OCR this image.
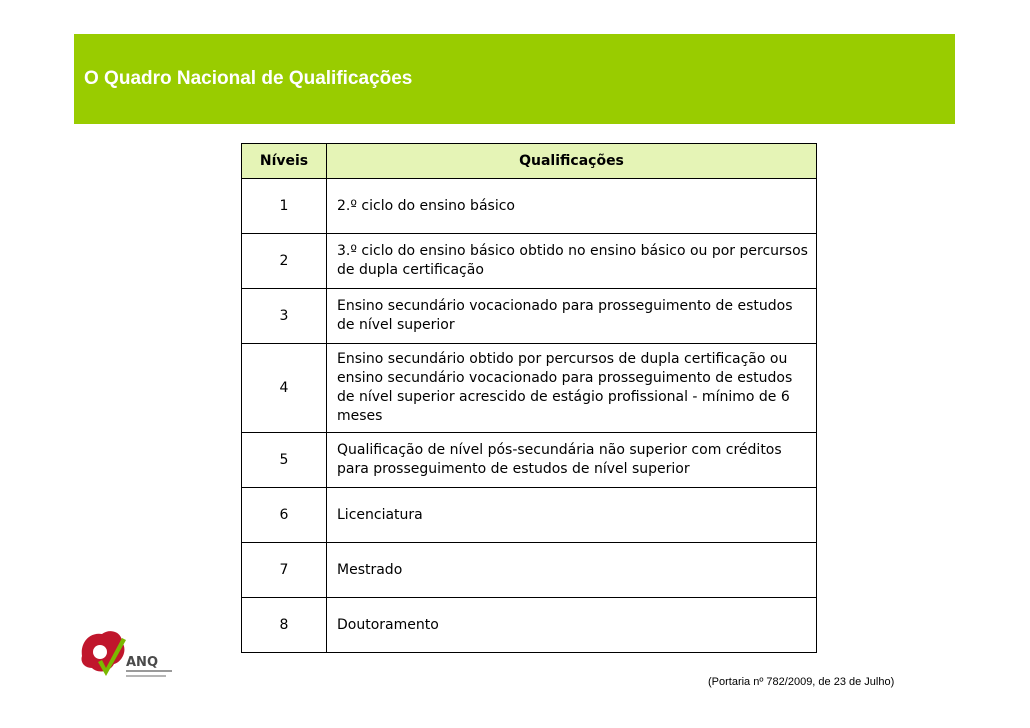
O Quadro Nacional de Qualificações
Níveis	Qualificações
1	2.º ciclo do ensino básico
2	3.º ciclo do ensino básico obtido no ensino básico ou por percursos de dupla certificação
3	Ensino secundário vocacionado para prosseguimento de estudos de nível superior
4	Ensino secundário obtido por percursos de dupla certificação ou ensino secundário vocacionado para prosseguimento de estudos de nível superior acrescido de estágio profissional - mínimo de 6 meses
5	Qualificação de nível pós-secundária não superior com créditos para prosseguimento de estudos de nível superior
6	Licenciatura
7	Mestrado
8	Doutoramento
ANQ
(Portaria nº 782/2009, de 23 de Julho)
